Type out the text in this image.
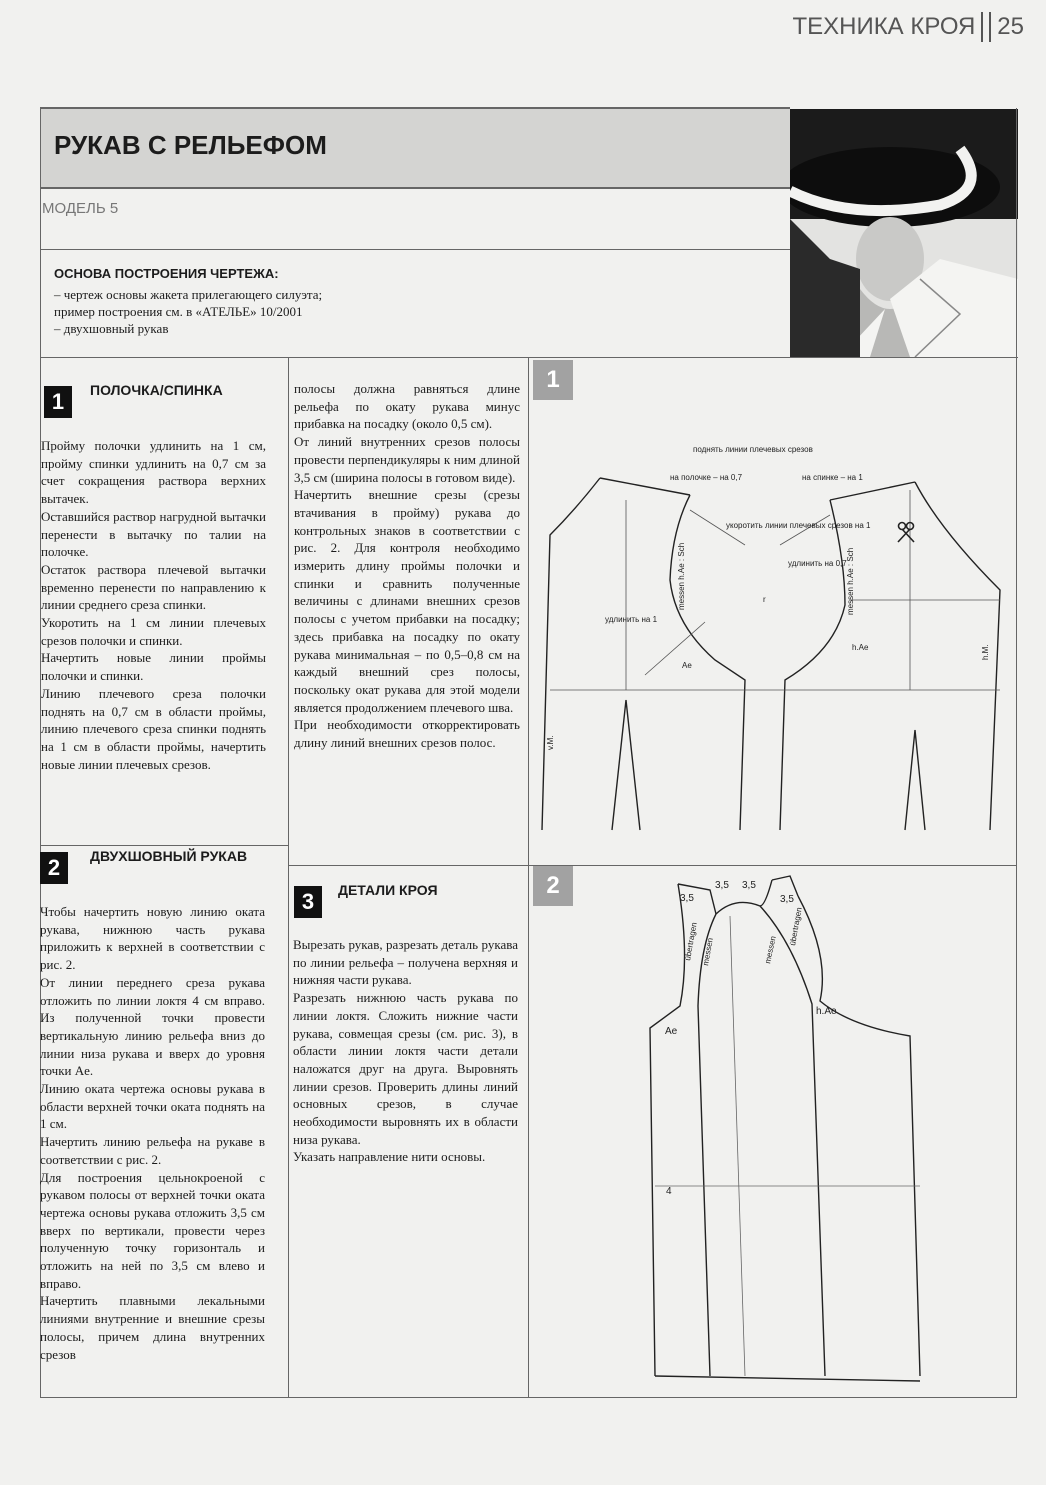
ТЕХНИКА КРОЯ 25
РУКАВ С РЕЛЬЕФОМ
МОДЕЛЬ 5
ОСНОВА ПОСТРОЕНИЯ ЧЕРТЕЖА:
– чертеж основы жакета прилегающего силуэта;
пример построения см. в «АТЕЛЬЕ» 10/2001
– двухшовный рукав
1	ПОЛОЧКА/СПИНКА

Пройму полочки удлинить на 1 см, пройму спинки удлинить на 0,7 см за счет сокращения раствора верхних вытачек.

Оставшийся раствор нагрудной вытачки перенести в вытачку по талии на полочке.

Остаток раствора плечевой вытачки временно перенести по направлению к линии среднего среза спинки.

Укоротить на 1 см линии плечевых срезов полочки и спинки.

Начертить новые линии проймы полочки и спинки.

Линию плечевого среза полочки поднять на 0,7 см в области проймы, линию плечевого среза спинки поднять на 1 см в области проймы, начертить новые линии плечевых срезов.

2	ДВУХШОВНЫЙ РУКАВ

Чтобы начертить новую линию оката рукава, нижнюю часть рукава приложить к верхней в соответствии с рис. 2.

От линии переднего среза рукава отложить по линии локтя 4 см вправо. Из полученной точки провести вертикальную линию рельефа вниз до линии низа рукава и вверх до уровня точки Ae.

Линию оката чертежа основы рукава в области верхней точки оката поднять на 1 см.

Начертить линию рельефа на рукаве в соответствии с рис. 2.

Для построения цельнокроеной с рукавом полосы от верхней точки оката чертежа основы рукава отложить 3,5 см вверх по вертикали, провести через полученную точку горизонталь и отложить на ней по 3,5 см влево и вправо.

Начертить плавными лекальными линиями внутренние и внешние срезы полосы, причем длина внутренних срезов

полосы должна равняться длине рельефа по окату рукава минус прибавка на посадку (около 0,5 см).

От линий внутренних срезов полосы провести перпендикуляры к ним длиной 3,5 см (ширина полосы в готовом виде).

Начертить внешние срезы (срезы втачивания в пройму) рукава до контрольных знаков в соответствии с рис. 2. Для контроля необходимо измерить длину проймы полочки и спинки и сравнить полученные величины с длинами внешних срезов полосы с учетом прибавки на посадку; здесь прибавка на посадку по окату рукава минимальная – по 0,5–0,8 см на каждый внешний срез полосы, поскольку окат рукава для этой модели является продолжением плечевого шва.

При необходимости откорректировать длину линий внешних срезов полос.

3	ДЕТАЛИ КРОЯ

Вырезать рукав, разрезать деталь рукава по линии рельефа – получена верхняя и нижняя части рукава.

Разрезать нижнюю часть рукава по линии локтя. Сложить нижние части рукава, совмещая срезы (см. рис. 3), в области линии локтя части детали наложатся друг на друга. Выровнять линии срезов. Проверить длины линий основных срезов, в случае необходимости выровнять их в области низа рукава.

Указать направление нити основы.

1
поднять линии плечевых срезов
на полочке – на 0,7	на спинке – на 1
укоротить линии плечевых срезов на 1
удлинить на 0,7
удлинить на 1
Ae
h.Ae
r
messen h.Ae : Sch	messen h.Ae : Sch
v.M.
h.M.
2	3,5 3,5
3,5	3,5
Ae
h.Ae
4
übertragen messen	messen
übertragen
